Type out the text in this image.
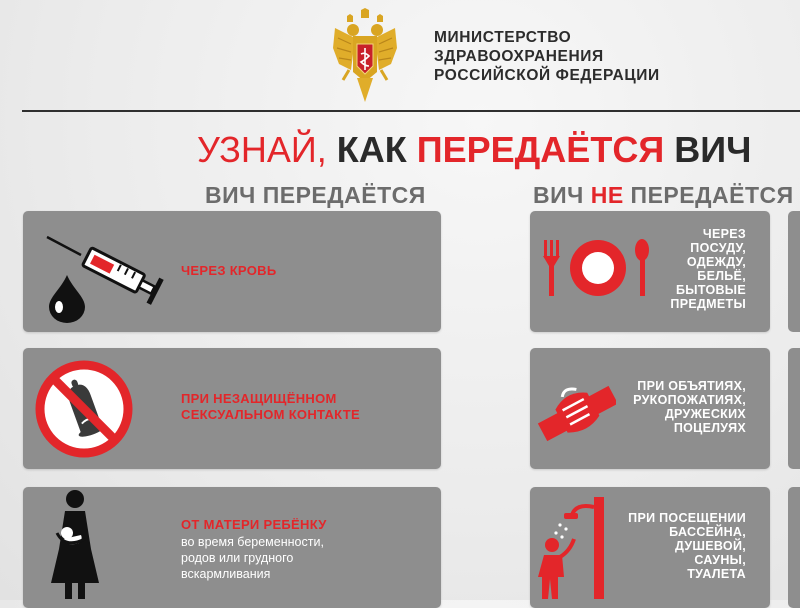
МИНИСТЕРСТВО
ЗДРАВООХРАНЕНИЯ
РОССИЙСКОЙ ФЕДЕРАЦИИ
УЗНАЙ, КАК ПЕРЕДАЁТСЯ ВИЧ
ВИЧ ПЕРЕДАЁТСЯ	ВИЧ НЕ ПЕРЕДАЁТСЯ
ЧЕРЕЗ КРОВЬ
ПРИ НЕЗАЩИЩЁННОМ
СЕКСУАЛЬНОМ КОНТАКТЕ
ОТ МАТЕРИ РЕБЁНКУ
во время беременности,
родов или грудного
вскармливания
ЧЕРЕЗ
ПОСУДУ,
ОДЕЖДУ,
БЕЛЬЁ,
БЫТОВЫЕ
ПРЕДМЕТЫ
ПРИ ОБЪЯТИЯХ,
РУКОПОЖАТИЯХ,
ДРУЖЕСКИХ
ПОЦЕЛУЯХ
ПРИ ПОСЕЩЕНИИ
БАССЕЙНА,
ДУШЕВОЙ,
САУНЫ,
ТУАЛЕТА
